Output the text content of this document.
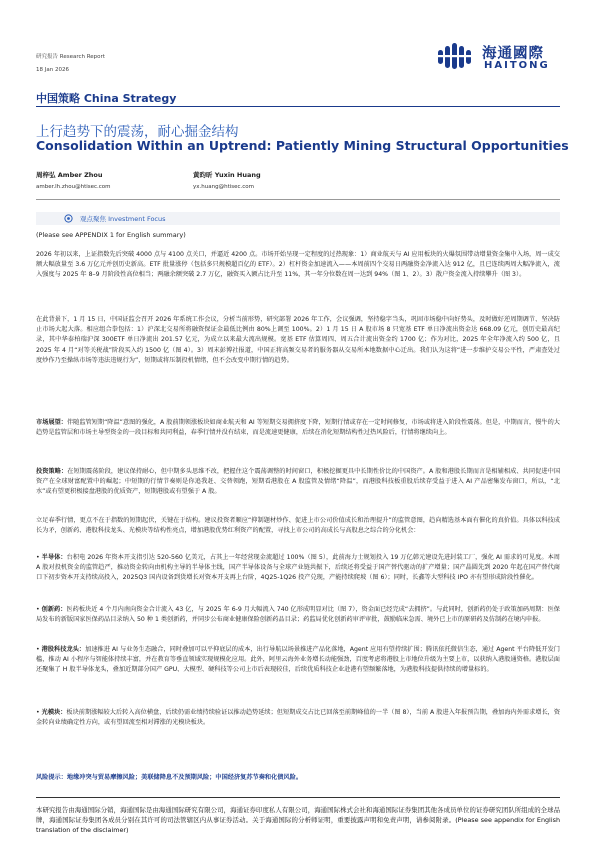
研究报告 Research Report
18 Jan 2026
海通國際
HAITONG
中国策略 China Strategy
上行趋势下的震荡，耐心掘金结构
Consolidation Within an Uptrend: Patiently Mining Structural Opportunities
周梓弘 Amber Zhou
amber.lh.zhou@htisec.com
黄昀昕 Yuxin Huang
yx.huang@htisec.com
观点聚焦 Investment Focus
(Please see APPENDIX 1 for English summary)

2026 年初以来，上证指数先后突破 4000 点与 4100 点关口，并逼近 4200 点。市场开始呈现一定程度的过热现象：1）商业航天与 AI 应用板块的火爆氛围带动增量资金集中入场，周一成交额大幅放量至 3.6 万亿元并创历史新高。ETF 批量涨停（包括多只规模超百亿的 ETF）。2）杠杆资金加速流入——本周前四个交易日两融资金净流入达 912 亿，且已连续两周大幅净流入，流入强度与 2025 年 8–9 月阶段性高位相当；两融余额突破 2.7 万亿，融资买入额占比升至 11%，其一年分位数在周一达到 94%（图 1、2）。3）散户资金流入持续攀升（图 3）。

在此背景下，1 月 15 日，中国证监会召开 2026 年系统工作会议，分析当前形势，研究部署 2026 年工作，会议强调，坚持稳字当头，巩固市场稳中向好势头，及时做好逆周期调节、坚决防止市场大起大落。相应组合拳包括：1）沪深北交易所将融资保证金最低比例由 80%上调至 100%。2）1 月 15 日 A 股市场 8 只宽基 ETF 单日净流出资金达 668.09 亿元，创历史最高纪录，其中华泰柏瑞沪深 300ETF 单日净流出 201.57 亿元，为成立以来最大流出规模。宽基 ETF 估算周四、周五合计流出资金约 1700 亿；作为对比，2025 年全年净流入约 500 亿，且 2025 年 4 月“对等关税战”阶段买入约 1500 亿（图 4）。3）周末彭博社报道，中国正将高频交易者的服务器从交易所本地数据中心迁出。我们认为这将“进一步维护交易公平性，严肃查处过度炒作乃至操纵市场等违法违规行为”，短期或将压制投机情绪，但不会改变中期行情的趋势。

市场展望：伴随监管短期“降温”意图的强化，A 股前期领涨板块如商业航天和 AI 等短期交易拥挤度下降，短期行情或存在一定时间修复，市场或将进入阶段性震荡。但是，中期而言，慢牛的大趋势是监管层和市场主导型资金的一段目标和共同利益，春季行情并没有结束，而是流速更健康，后续在消化短期结构性过热风险后，行情将继续向上。

投资策略：在短期震荡阶段，建议保持耐心，但中期多头思维不改，把握住这个震荡调整的时间窗口，积极挖掘更具中长期性价比的中国资产。A 股和港股长期而言是相辅相成、共同促进中国资产在全球财富配置中的崛起；中短期的行情节奏则是你追我赶、交替领跑，短期看港股在 A 股监管及情绪“降温”，而港股科技板重股后续存受益于进入 AI 产品密集发布窗口，所以，“北水”或有望更积极接盘港股的优质资产，短期港股或有望强于 A 股。

立足春季行情，更点不在于指数的短期起伏，关键在于结构。建议投资者顺应“抑制题材炒作、促进上市公司价值成长和治理提升”的监管意图，趋向精选基本面有催化的真价值。具体以科技成长为矛，创新药、港股科技龙头、光模块等结构性亮点，增加港股优势红利资产的配置，寻找上市公司的高成长与高股息之综合的分化机会：

• 半导体：台积电 2026 年资本开支指引达 520-560 亿美元，占其上一年经营现金流超过 100%（图 5），此前海力士规划投入 19 万亿韩元建设先进封装工厂，强化 AI 需求的可见度。本周 A 股对投机资金的监管趋严，推动资金转向由机构主导的半导体主线，国产半导体设备与全球产业链共振下，后续还将受益于国产替代驱动的扩产增量；国产晶圆先到 2020 年起在国产替代商口下初步资本开支持续高投入，2025Q3 国内设备到货增长对资本开支再上台阶，4Q25-1Q26 投产兑现，产能持续爬坡（图 6）；同时，长鑫等大型科技 IPO 亦有望形成阶段性催化。

• 创新药：医药板块近 4 个月内南向资金合计流入 43 亿，与 2025 年 6-9 月大幅流入 740 亿形成明显对比（图 7），资金面已经完成“去拥挤”。与此同时，创新药仍处于政策加码周期：医保局发布的新版国家医保药品目录纳入 50 种 1 类创新药，并同步公布商业健康保险创新药品目录；药监局优化创新药审评审批，鼓励临床急需、境外已上市的原研药及仿制药在境内申报。

• 港股科技龙头：加速推进 AI 与业务生态融合，同时叠加可以平抑底层的成本，出行导航以场景推进产品化落地，Agent 应用有望持续扩围；腾讯依托微信生态，通过 Agent 平台降低开发门槛，推动 AI 小程序与智能体持续丰富，并在教育等垂直领域实现规模化应用。此外，阿里云海外业务增长动能强劲，百度考虑将港股上市地位升级为主要上市，以获纳入港股通资格。港股层面还聚集了 H 股半导体龙头，叠加近期部分国产 GPU、大模型、硬科技等公司上市后表现较佳，后续优质科技企业赴港有望频繁落地，为港股科技提供持续的增量标的。

• 光模块：板块前期涨幅较大后转入高位横盘，后续仍需业绩持续验证以推动趋势延续；但短期成交占比已回落至前期峰值的一半（图 8），当前 A 股进入年报预告期，叠加海内外需求增长，资金转向业绩确定性方向，或有望回流至相对滞涨的光模块板块。

风险提示：地缘冲突与贸易摩擦风险；美联储降息不及预期风险；中国经济复苏节奏和化债风险。
本研究报告由海通国际分销，海通国际是由海通国际研究有限公司，海通证券印度私人有限公司，海通国际株式会社和海通国际证券集团其他各成员单位的证券研究团队所组成的全球品牌，海通国际证券集团各成员分别在其许可的司法管辖区内从事证券活动。关于海通国际的分析师证明，重要披露声明和免责声明，请参阅附录。(Please see appendix for English translation of the disclaimer)
